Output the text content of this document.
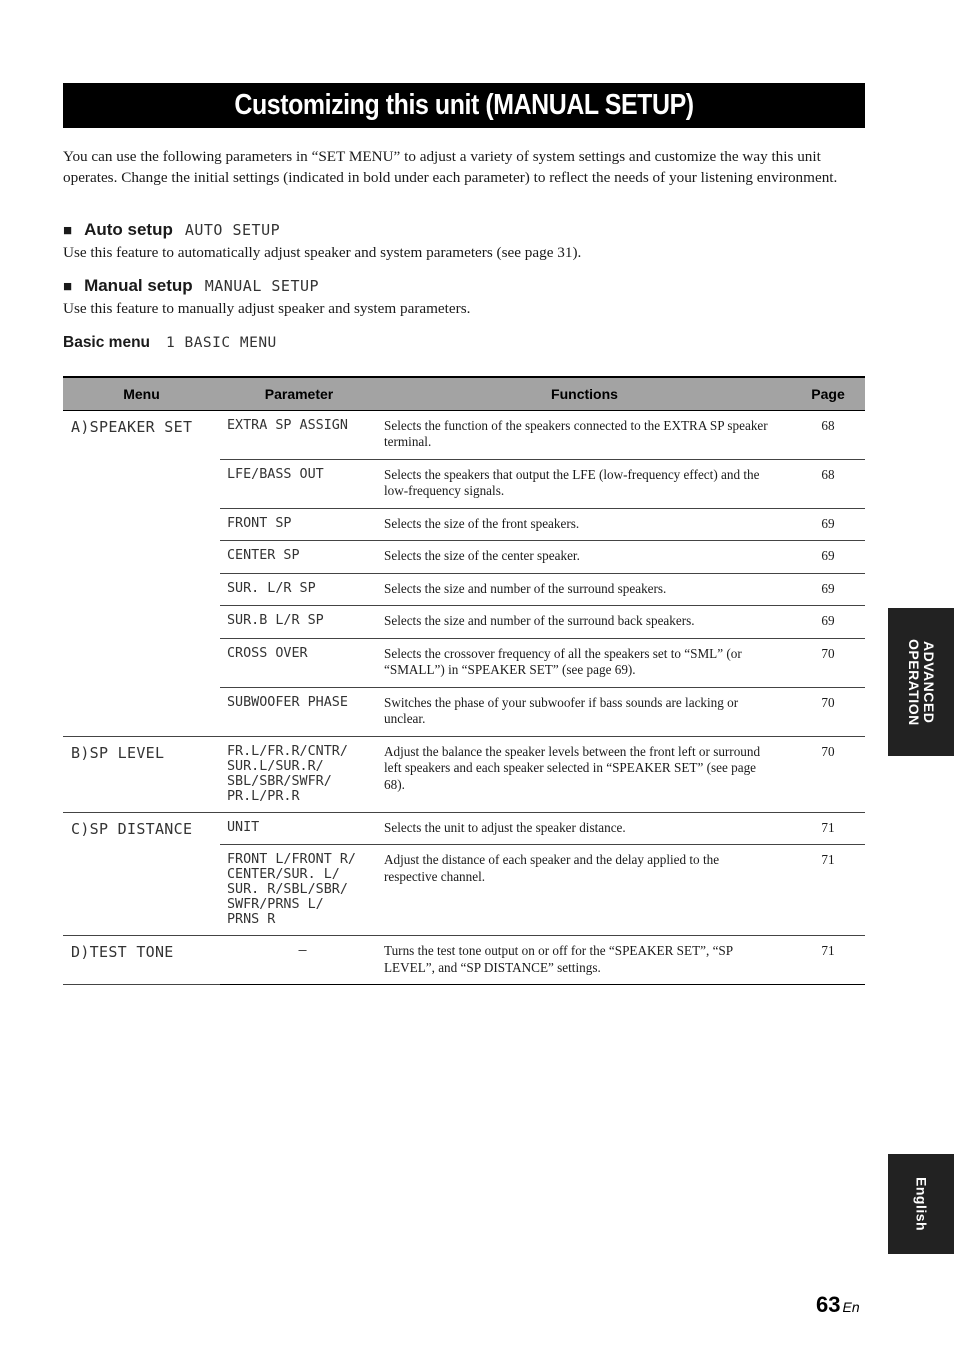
Customizing this unit (MANUAL SETUP)

You can use the following parameters in “SET MENU” to adjust a variety of system settings and customize the way this unit operates. Change the initial settings (indicated in bold under each parameter) to reflect the needs of your listening environment.

■ Auto setup AUTO SETUP

Use this feature to automatically adjust speaker and system parameters (see page 31).

■ Manual setup MANUAL SETUP

Use this feature to manually adjust speaker and system parameters.

Basic menu 1 BASIC MENU
Menu	Parameter	Functions	Page
A)SPEAKER SET	EXTRA SP ASSIGN	Selects the function of the speakers connected to the EXTRA SP speaker terminal.	68
	LFE/BASS OUT	Selects the speakers that output the LFE (low-frequency effect) and the low-frequency signals.	68
	FRONT SP	Selects the size of the front speakers.	69
	CENTER SP	Selects the size of the center speaker.	69
	SUR. L/R SP	Selects the size and number of the surround speakers.	69
	SUR.B L/R SP	Selects the size and number of the surround back speakers.	69
	CROSS OVER	Selects the crossover frequency of all the speakers set to “SML” (or “SMALL”) in “SPEAKER SET” (see page 69).	70
	SUBWOOFER PHASE	Switches the phase of your subwoofer if bass sounds are lacking or unclear.	70
B)SP LEVEL	FR.L/FR.R/CNTR/
SUR.L/SUR.R/
SBL/SBR/SWFR/
PR.L/PR.R	Adjust the balance the speaker levels between the front left or surround left speakers and each speaker selected in “SPEAKER SET” (see page 68).	70
C)SP DISTANCE	UNIT	Selects the unit to adjust the speaker distance.	71
	FRONT L/FRONT R/
CENTER/SUR. L/
SUR. R/SBL/SBR/
SWFR/PRNS L/
PRNS R	Adjust the distance of each speaker and the delay applied to the respective channel.	71
D)TEST TONE	—	Turns the test tone output on or off for the “SPEAKER SET”, “SP LEVEL”, and “SP DISTANCE” settings.	71
ADVANCED OPERATION
English
63 En
